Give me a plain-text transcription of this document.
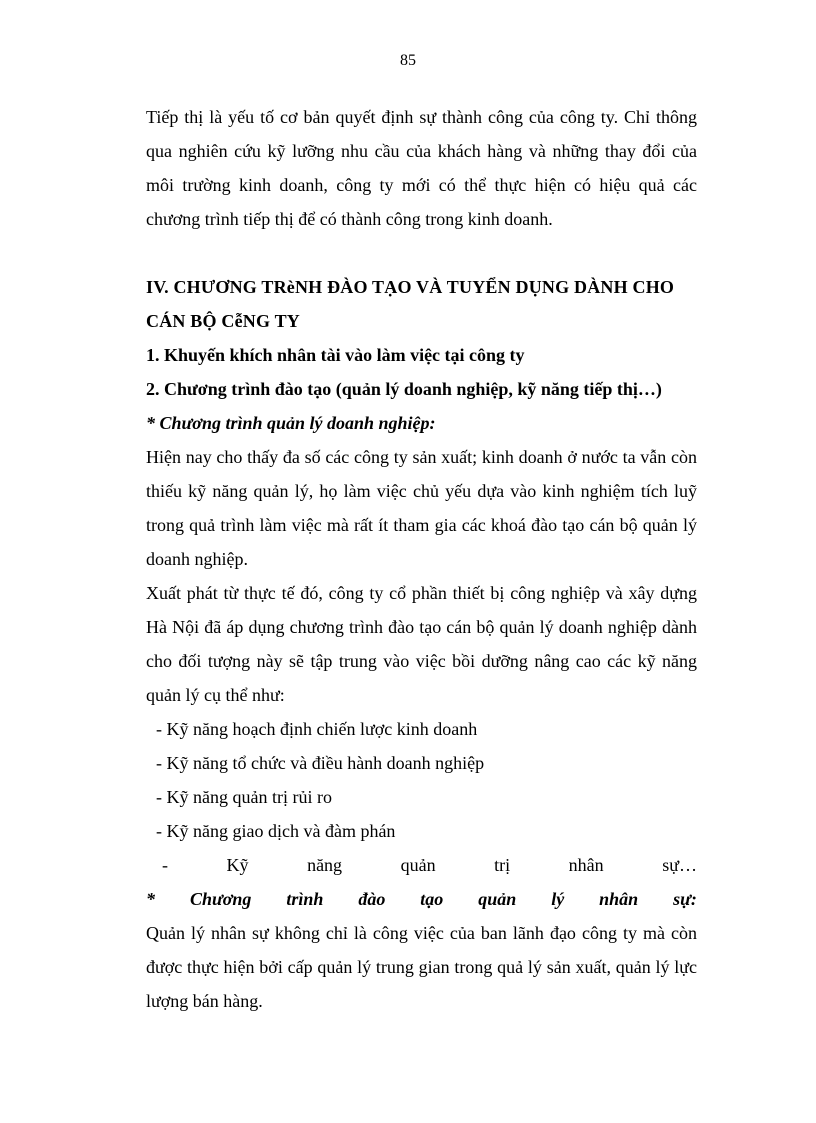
85

Tiếp thị là yếu tố cơ bản quyết định sự thành công của công ty. Chỉ thông qua nghiên cứu kỹ lưỡng nhu cầu của khách hàng và những thay đổi của môi trường kinh doanh, công ty mới có thể thực hiện có hiệu quả các chương trình tiếp thị để có thành công trong kinh doanh.

IV. CHƯƠNG TRèNH ĐÀO TẠO VÀ TUYỂN DỤNG DÀNH CHO CÁN BỘ CễNG TY

1. Khuyến khích nhân tài vào làm việc tại công ty

2. Chương trình đào tạo (quản lý doanh nghiệp, kỹ năng tiếp thị…)

* Chương trình quản lý doanh nghiệp:

Hiện nay cho thấy đa số các công ty sản xuất; kinh doanh ở nước ta vẫn còn thiếu kỹ năng quản lý, họ làm việc chủ yếu dựa vào kinh nghiệm tích luỹ trong quả trình làm việc mà rất ít tham gia các khoá đào tạo cán bộ quản lý doanh nghiệp.

Xuất phát từ thực tế đó, công ty cổ phần thiết bị công nghiệp và xây dựng Hà Nội đã áp dụng chương trình đào tạo cán bộ quản lý doanh nghiệp dành cho đối tượng này sẽ tập trung vào việc bồi dưỡng nâng cao các kỹ năng quản lý cụ thể như:

- Kỹ năng hoạch định chiến lược kinh doanh

- Kỹ năng tổ chức và điều hành doanh nghiệp

- Kỹ năng quản trị rủi ro

- Kỹ năng giao dịch và đàm phán

-	Kỹ	năng	quản	trị	nhân	sự…
* Chương trình đào tạo quản lý nhân sự:

Quản lý nhân sự không chỉ là công việc của ban lãnh đạo công ty mà còn được thực hiện bởi cấp quản lý trung gian trong quả lý sản xuất, quản lý lực lượng bán hàng.
